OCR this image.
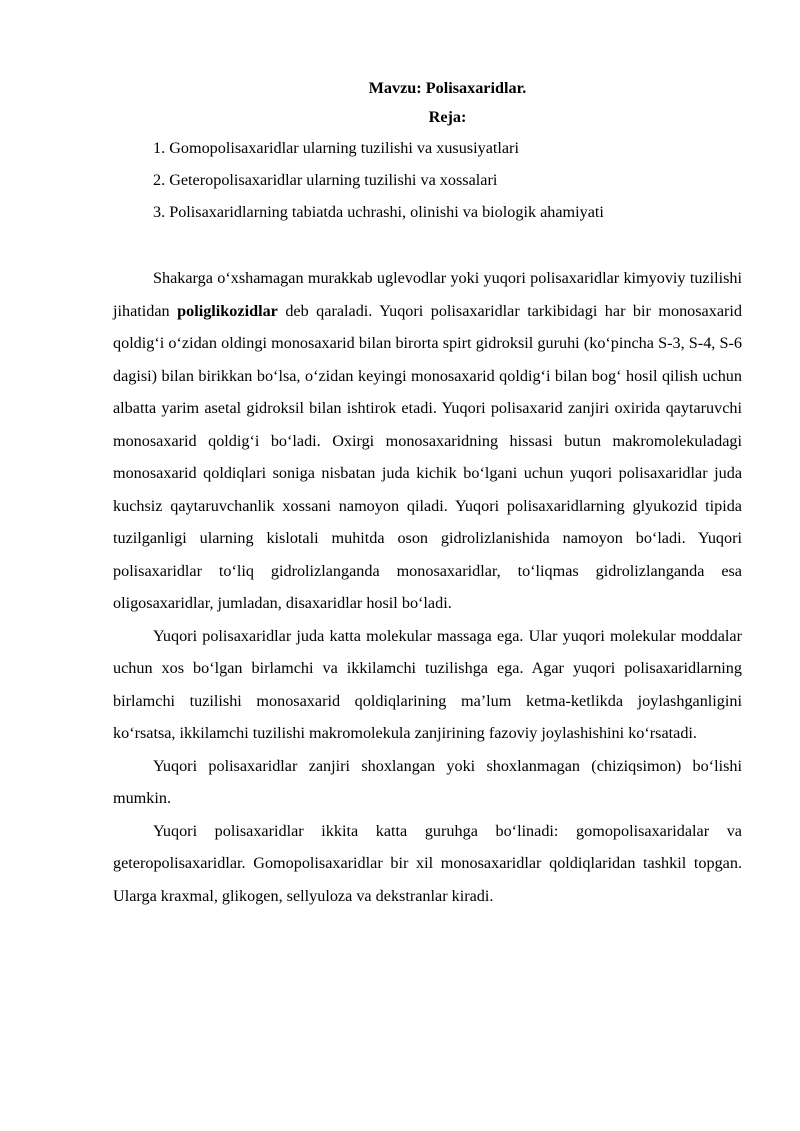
Mavzu: Polisaxaridlar.

Reja:

1. Gomopolisaxaridlar ularning tuzilishi va xususiyatlari
2. Geteropolisaxaridlar ularning tuzilishi va xossalari
3. Polisaxaridlarning tabiatda uchrashi, olinishi va biologik ahamiyati

Shakarga o‘xshamagan murakkab uglevodlar yoki yuqori polisaxaridlar kimyoviy tuzilishi jihatidan poliglikozidlar deb qaraladi. Yuqori polisaxaridlar tarkibidagi har bir monosaxarid qoldig‘i o‘zidan oldingi monosaxarid bilan birorta spirt gidroksil guruhi (ko‘pincha S-3, S-4, S-6 dagisi) bilan birikkan bo‘lsa, o‘zidan keyingi monosaxarid qoldig‘i bilan bog‘ hosil qilish uchun albatta yarim asetal gidroksil bilan ishtirok etadi. Yuqori polisaxarid zanjiri oxirida qaytaruvchi monosaxarid qoldig‘i bo‘ladi. Oxirgi monosaxaridning hissasi butun makromolekuladagi monosaxarid qoldiqlari soniga nisbatan juda kichik bo‘lgani uchun yuqori polisaxaridlar juda kuchsiz qaytaruvchanlik xossani namoyon qiladi. Yuqori polisaxaridlarning glyukozid tipida tuzilganligi ularning kislotali muhitda oson gidrolizlanishida namoyon bo‘ladi. Yuqori polisaxaridlar to‘liq gidrolizlanganda monosaxaridlar, to‘liqmas gidrolizlanganda esa oligosaxaridlar, jumladan, disaxaridlar hosil bo‘ladi.

Yuqori polisaxaridlar juda katta molekular massaga ega. Ular yuqori molekular moddalar uchun xos bo‘lgan birlamchi va ikkilamchi tuzilishga ega. Agar yuqori polisaxaridlarning birlamchi tuzilishi monosaxarid qoldiqlarining ma’lum ketma-ketlikda joylashganligini ko‘rsatsa, ikkilamchi tuzilishi makromolekula zanjirining fazoviy joylashishini ko‘rsatadi.

Yuqori polisaxaridlar zanjiri shoxlangan yoki shoxlanmagan (chiziqsimon) bo‘lishi mumkin.

Yuqori polisaxaridlar ikkita katta guruhga bo‘linadi: gomopolisaxaridalar va geteropolisaxaridlar. Gomopolisaxaridlar bir xil monosaxaridlar qoldiqlaridan tashkil topgan. Ularga kraxmal, glikogen, sellyuloza va dekstranlar kiradi.
